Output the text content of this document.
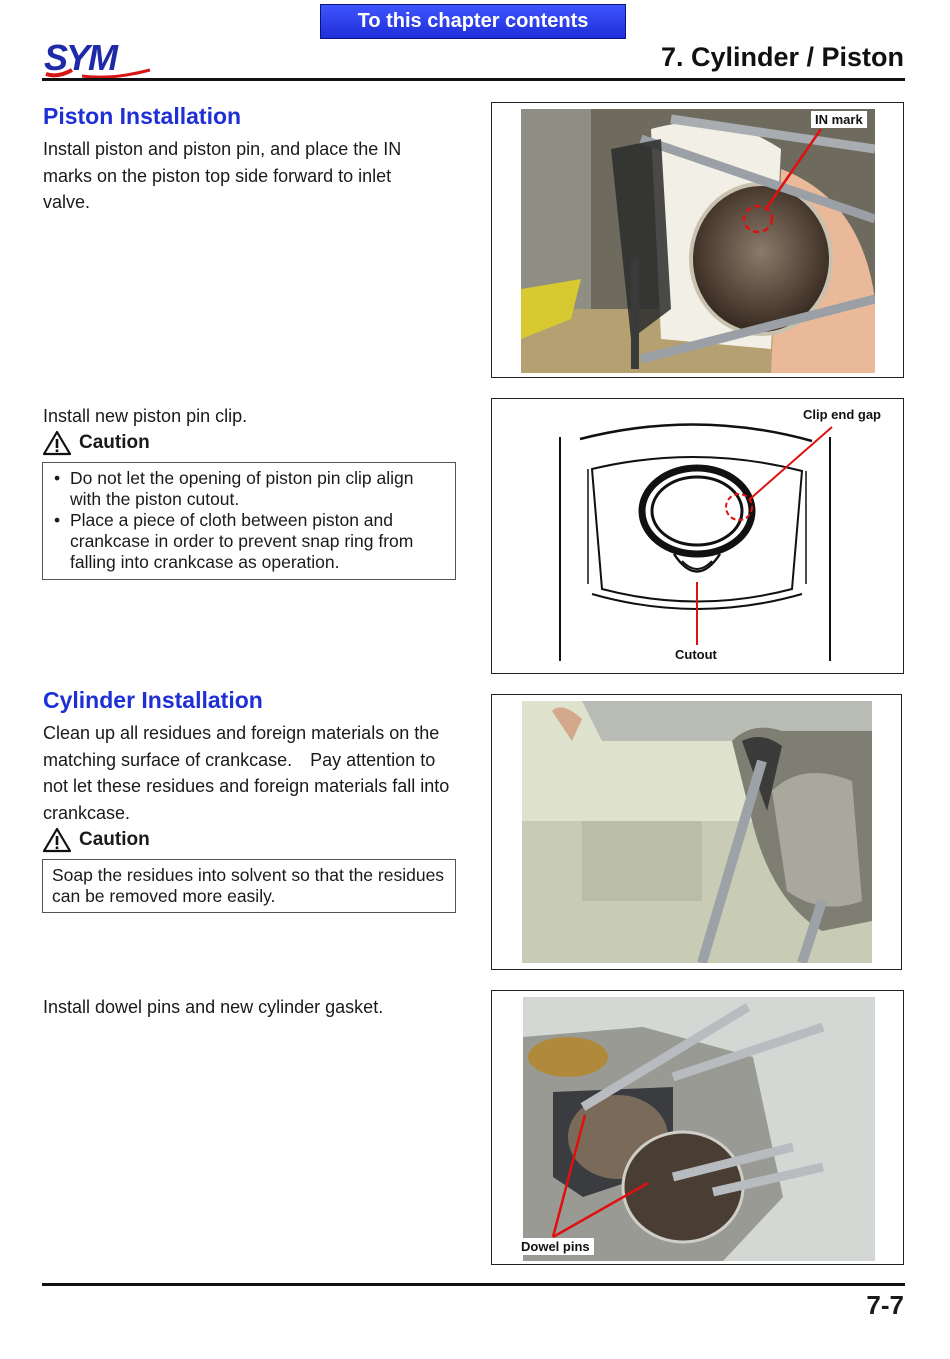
To this chapter contents
SYM	7. Cylinder / Piston
Piston Installation
Install piston and piston pin, and place the IN marks on the piston top side forward to inlet valve.
IN mark
Install new piston pin clip.
Caution
• Do not let the opening of piston pin clip align with the piston cutout.
• Place a piece of cloth between piston and crankcase in order to prevent snap ring from falling into crankcase as operation.
Clip end gap
Cutout
Cylinder Installation
Clean up all residues and foreign materials on the matching surface of crankcase.　Pay attention to not let these residues and foreign materials fall into crankcase.
Caution
Soap the residues into solvent so that the residues can be removed more easily.
Install dowel pins and new cylinder gasket.
Dowel pins
7-7
